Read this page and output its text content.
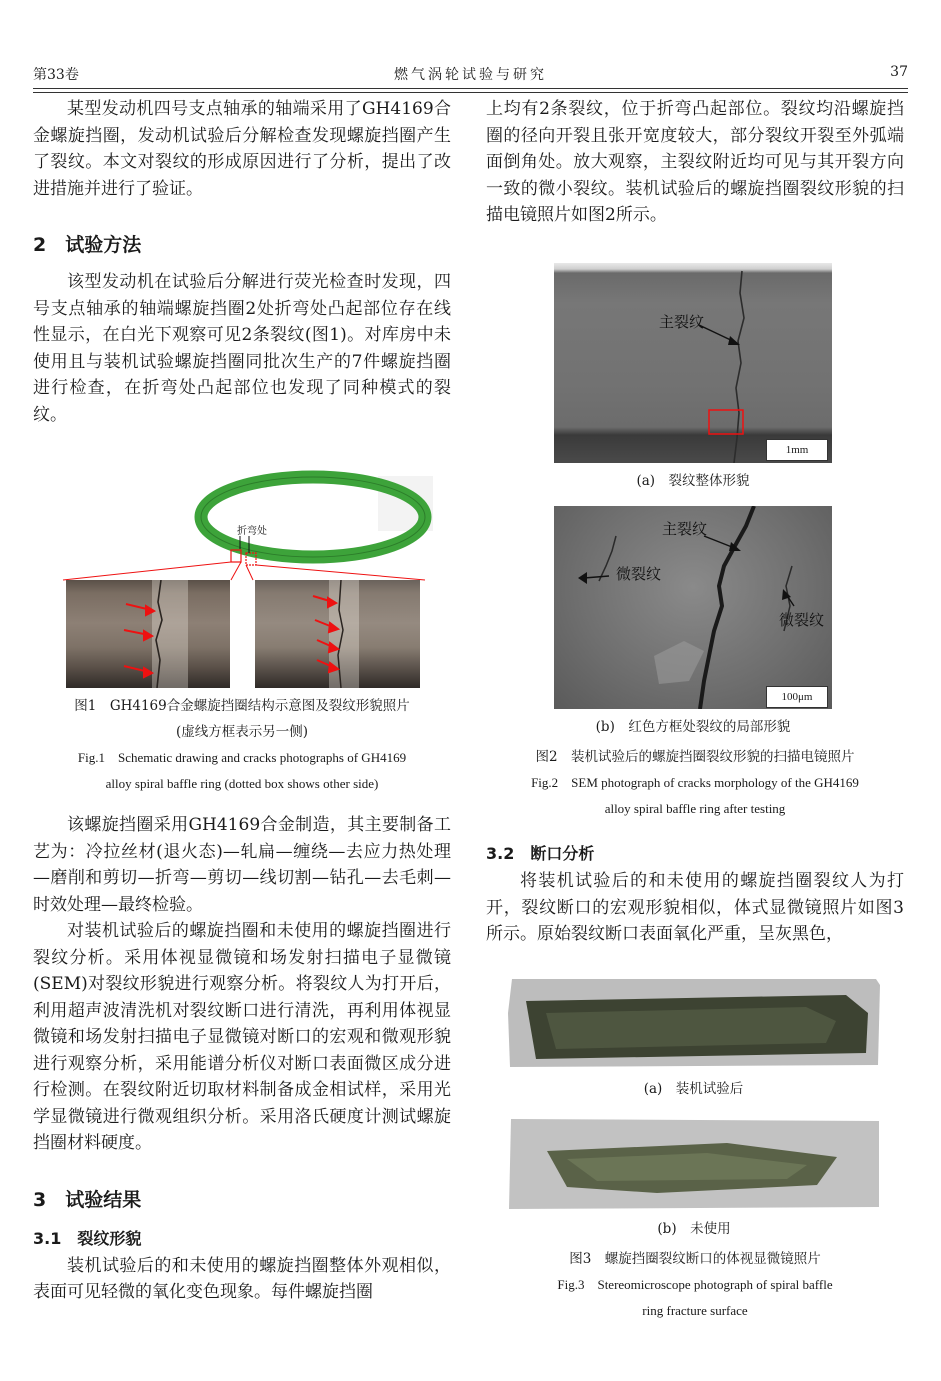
第33卷	燃气涡轮试验与研究	37

某型发动机四号支点轴承的轴端采用了GH4169合金螺旋挡圈，发动机试验后分解检查发现螺旋挡圈产生了裂纹。本文对裂纹的形成原因进行了分析，提出了改进措施并进行了验证。

2　试验方法

该型发动机在试验后分解进行荧光检查时发现，四号支点轴承的轴端螺旋挡圈2处折弯处凸起部位存在线性显示，在白光下观察可见2条裂纹(图1)。对库房中未使用且与装机试验螺旋挡圈同批次生产的7件螺旋挡圈进行检查，在折弯处凸起部位也发现了同种模式的裂纹。

折弯处
图1　GH4169合金螺旋挡圈结构示意图及裂纹形貌照片
(虚线方框表示另一侧)
Fig.1　Schematic drawing and cracks photographs of GH4169
alloy spiral baffle ring (dotted box shows other side)

该螺旋挡圈采用GH4169合金制造，其主要制备工艺为：冷拉丝材(退火态)—轧扁—缠绕—去应力热处理—磨削和剪切—折弯—剪切—线切割—钻孔—去毛刺—时效处理—最终检验。

对装机试验后的螺旋挡圈和未使用的螺旋挡圈进行裂纹分析。采用体视显微镜和场发射扫描电子显微镜(SEM)对裂纹形貌进行观察分析。将裂纹人为打开后，利用超声波清洗机对裂纹断口进行清洗，再利用体视显微镜和场发射扫描电子显微镜对断口的宏观和微观形貌进行观察分析，采用能谱分析仪对断口表面微区成分进行检测。在裂纹附近切取材料制备成金相试样，采用光学显微镜进行微观组织分析。采用洛氏硬度计测试螺旋挡圈材料硬度。

3　试验结果
3.1　裂纹形貌

装机试验后的和未使用的螺旋挡圈整体外观相似，表面可见轻微的氧化变色现象。每件螺旋挡圈

上均有2条裂纹，位于折弯凸起部位。裂纹均沿螺旋挡圈的径向开裂且张开宽度较大，部分裂纹开裂至外弧端面倒角处。放大观察，主裂纹附近均可见与其开裂方向一致的微小裂纹。装机试验后的螺旋挡圈裂纹形貌的扫描电镜照片如图2所示。

主裂纹
1mm
(a)　裂纹整体形貌
主裂纹
微裂纹
微裂纹
100μm
(b)　红色方框处裂纹的局部形貌
图2　装机试验后的螺旋挡圈裂纹形貌的扫描电镜照片
Fig.2　SEM photograph of cracks morphology of the GH4169
alloy spiral baffle ring after testing
3.2　断口分析

将装机试验后的和未使用的螺旋挡圈裂纹人为打开，裂纹断口的宏观形貌相似，体式显微镜照片如图3所示。原始裂纹断口表面氧化严重，呈灰黑色，

(a)　装机试验后
(b)　未使用
图3　螺旋挡圈裂纹断口的体视显微镜照片
Fig.3　Stereomicroscope photograph of spiral baffle
ring fracture surface
